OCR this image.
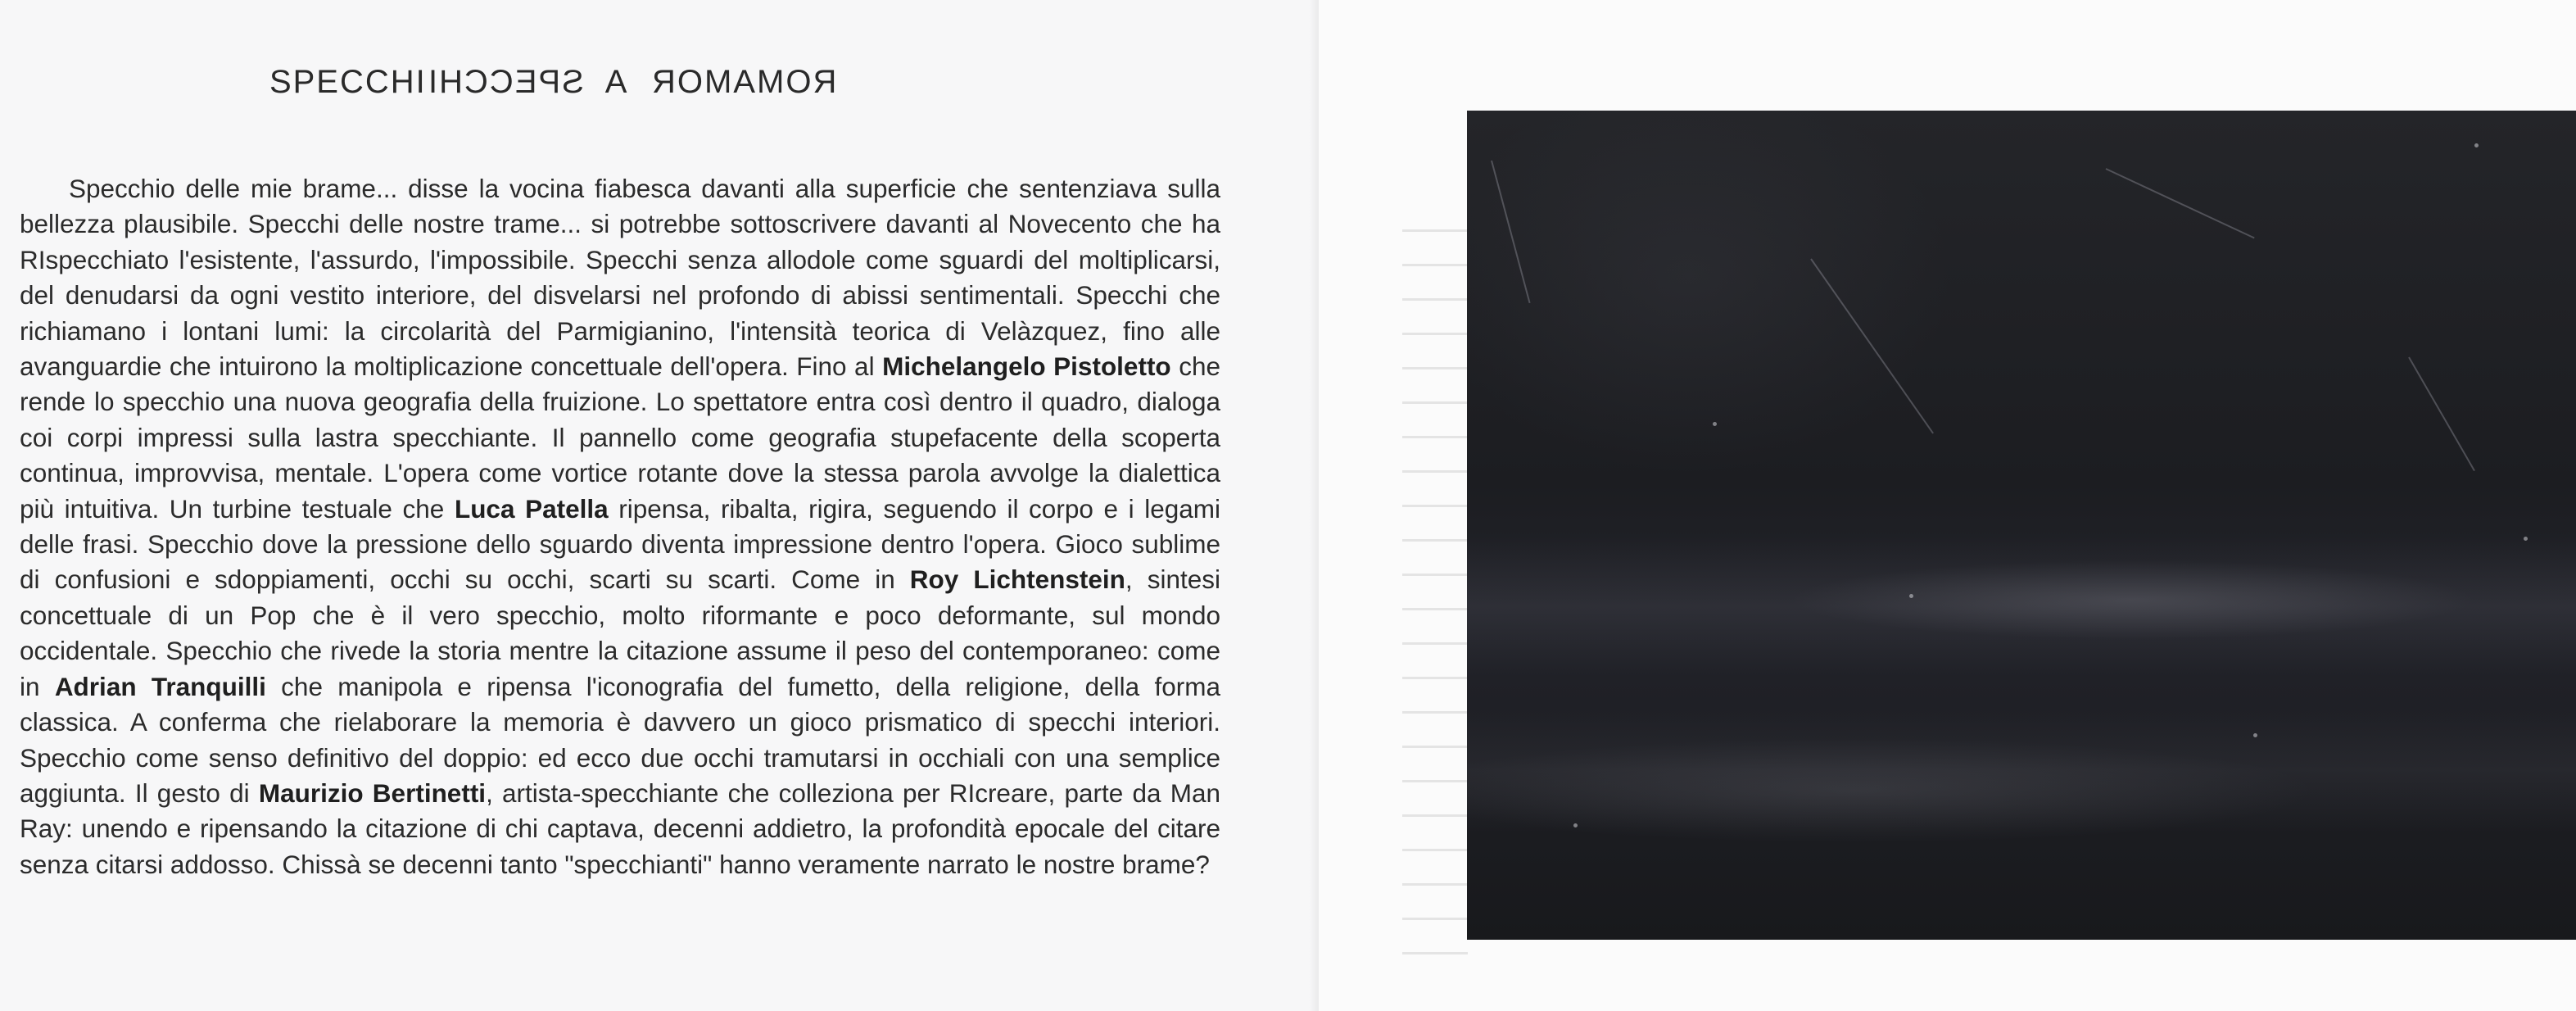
SPECCHISPECCHI A ROMAMOR
Specchio delle mie brame... disse la vocina fiabesca davanti alla superficie che sentenziava sulla bellezza plausibile. Specchi delle nostre trame... si potrebbe sottoscrivere davanti al Novecento che ha RIspecchiato l'esistente, l'assurdo, l'impossibile. Specchi senza allodole come sguardi del moltiplicarsi, del denudarsi da ogni vestito interiore, del disvelarsi nel profondo di abissi sentimentali. Specchi che richiamano i lontani lumi: la circolarità del Parmigianino, l'intensità teorica di Velàzquez, fino alle avanguardie che intuirono la moltiplicazione concettuale dell'opera. Fino al Michelangelo Pistoletto che rende lo specchio una nuova geografia della fruizione. Lo spettatore entra così dentro il quadro, dialoga coi corpi impressi sulla lastra specchiante. Il pannello come geografia stupefacente della scoperta continua, improvvisa, mentale. L'opera come vortice rotante dove la stessa parola avvolge la dialettica più intuitiva. Un turbine testuale che Luca Patella ripensa, ribalta, rigira, seguendo il corpo e i legami delle frasi. Specchio dove la pressione dello sguardo diventa impressione dentro l'opera. Gioco sublime di confusioni e sdoppiamenti, occhi su occhi, scarti su scarti. Come in Roy Lichtenstein, sintesi concettuale di un Pop che è il vero specchio, molto riformante e poco deformante, sul mondo occidentale. Specchio che rivede la storia mentre la citazione assume il peso del contemporaneo: come in Adrian Tranquilli che manipola e ripensa l'iconografia del fumetto, della religione, della forma classica. A conferma che rielaborare la memoria è davvero un gioco prismatico di specchi interiori. Specchio come senso definitivo del doppio: ed ecco due occhi tramutarsi in occhiali con una semplice aggiunta. Il gesto di Maurizio Bertinetti, artista-specchiante che colleziona per RIcreare, parte da Man Ray: unendo e ripensando la citazione di chi captava, decenni addietro, la profondità epocale del citare senza citarsi addosso. Chissà se decenni tanto "specchianti" hanno veramente narrato le nostre brame?
